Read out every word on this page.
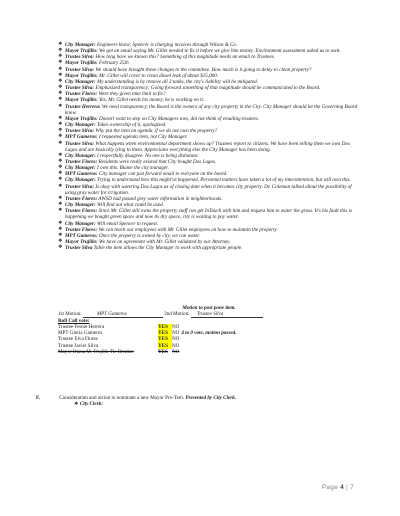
❖ City Manager: Engineers know; Spencer is charging invoices through Wilson & Co.

❖ Mayor Trujillo: We got an email saying Mr. Gillet needed to fix it before we give him money. Environment assessment asked us to wait.

❖ Trustee Silva: How long have we known this? Something of this magnitude needs an email to Trustees.

❖ Mayor Trujillo: February 25th

❖ Trustee Silva: We should have brought these changes to the committee. How much is it going to delay to clean property?

❖ Mayor Trujillo: Mr. Gillet will cover to clean diesel leak of about $15,000.

❖ City Manager: My understanding is by remove all 3 tanks, the city's liability will be mitigated.

❖ Trustee Silva: Emphasized transparency; Going forward something of that magnitude should be communicated to the Board.

❖ Trustee Flores: Were they given time limit to fix?

❖ Mayor Trujillo: Yes, Mr. Gillet needs his money, he is working on it.

❖ Trustee Herrera: We need transparency, the Board is the owners of any city property in the City. City Manager should let the Governing Board know.

❖ Mayor Trujillo: Doesn't want to step on City Managers toes, did not think of emailing trustees.

❖ City Manager: Takes ownership of it, apologized.

❖ Trustee Silva: Why put the item on agenda, if we do not own the property?

❖ MPT Gameros: I requested agenda item, not City Manager.

❖ Trustee Silva: What happens when environmental department shows up? Trustees report to citizens. We have been telling them we own Dos Lagos and are basically lying to them. Appreciates everything else the City Manager has been doing.

❖ City Manager: I respectfully disagree: No one is being dishonest.

❖ Trustee Flores: Residents were really existed that City bought Dos Lagos.

❖ City Manager: I own this. Blame the city manager.

❖ MPT Gameros: City manager can just forward email to everyone on the board.

❖ City Manager: Trying to understand how this might've happened. Personnel matters have taken a lot of my time/attention, but will own this.

❖ Trustee Silva: Is okay with watering Dos Lagos as of closing date when it becomes city property. Dr. Coleman talked about the possibility of using gray water for irrigation.

❖ Trustee Flores: AWSD had passed grey water information in neighborhoods.

❖ City Manager: Will find out what could be used.

❖ Trustee Flores: Since Mr. Gillet still owns the property staff can get InTouch with him and request him to water the grass. It's his fault this is happening we bought green space and now its dry space, city is waiting to pay water.

❖ City Manager: Will email Spencer to request.

❖ Trustee Flores: We can teach our employees with Mr. Gillet employees on how to maintain the property.

❖ MPT Gameros: Once the property is owned by city, we can water.

❖ Mayor Trujillo: We have an agreement with Mr. Gillet validated by our Attorney.

❖ Trustee Silva Table the item allows the City Manager to work with appropriate people.

Motion to post pone item.
1st Motion:	MPT Gameros	2nd Motion: Trustee Silva
Roll Call vote:
Trustee Fernie Herrera	YES	NO	
MPT Gloria Gameros	YES	NO	4 to 0 vote, motion passed.
Trustee Elva Flores	YES	NO	
Trustee Javier Silva	YES	NO	
Mayor Diana M. Trujillo Tie Breaker	YES	NO	
F.	Consideration and action to nominate a new Mayor Pro-Tem. Presented by City Clerk.
❖ City Clerk:
Page 4 | 7
